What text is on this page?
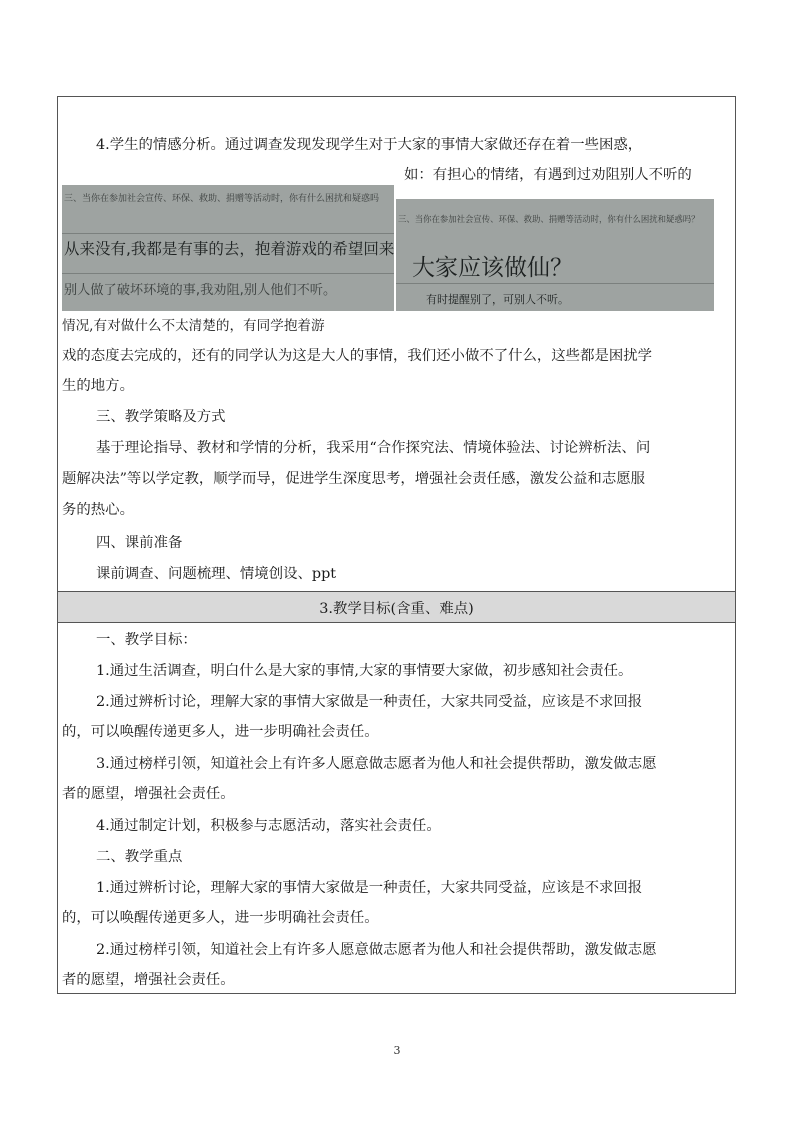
4.学生的情感分析。通过调查发现发现学生对于大家的事情大家做还存在着一些困惑，
如：有担心的情绪，有遇到过劝阻别人不听的
三、当你在参加社会宣传、环保、救助、捐赠等活动时，你有什么困扰和疑惑吗
从来没有,我都是有事的去，抱着游戏的希望回来
别人做了破坏环境的事,我劝阻,别人他们不听。
三、当你在参加社会宣传、环保、救助、捐赠等活动时，你有什么困扰和疑惑吗？
大家应该做仙？
有时提醒别了，可别人不听。
情况,有对做什么不太清楚的，有同学抱着游
戏的态度去完成的，还有的同学认为这是大人的事情，我们还小做不了什么，这些都是困扰学
生的地方。
三、教学策略及方式
基于理论指导、教材和学情的分析，我采用“合作探究法、情境体验法、讨论辨析法、问
题解决法”等以学定教，顺学而导，促进学生深度思考，增强社会责任感，激发公益和志愿服
务的热心。
四、课前准备
课前调查、问题梳理、情境创设、ppt
3.教学目标(含重、难点)
一、教学目标：
1.通过生活调查，明白什么是大家的事情,大家的事情要大家做，初步感知社会责任。
2.通过辨析讨论，理解大家的事情大家做是一种责任，大家共同受益，应该是不求回报
的，可以唤醒传递更多人，进一步明确社会责任。
3.通过榜样引领，知道社会上有许多人愿意做志愿者为他人和社会提供帮助，激发做志愿
者的愿望，增强社会责任。
4.通过制定计划，积极参与志愿活动，落实社会责任。
二、教学重点
1.通过辨析讨论，理解大家的事情大家做是一种责任，大家共同受益，应该是不求回报
的，可以唤醒传递更多人，进一步明确社会责任。
2.通过榜样引领，知道社会上有许多人愿意做志愿者为他人和社会提供帮助，激发做志愿
者的愿望，增强社会责任。
3
